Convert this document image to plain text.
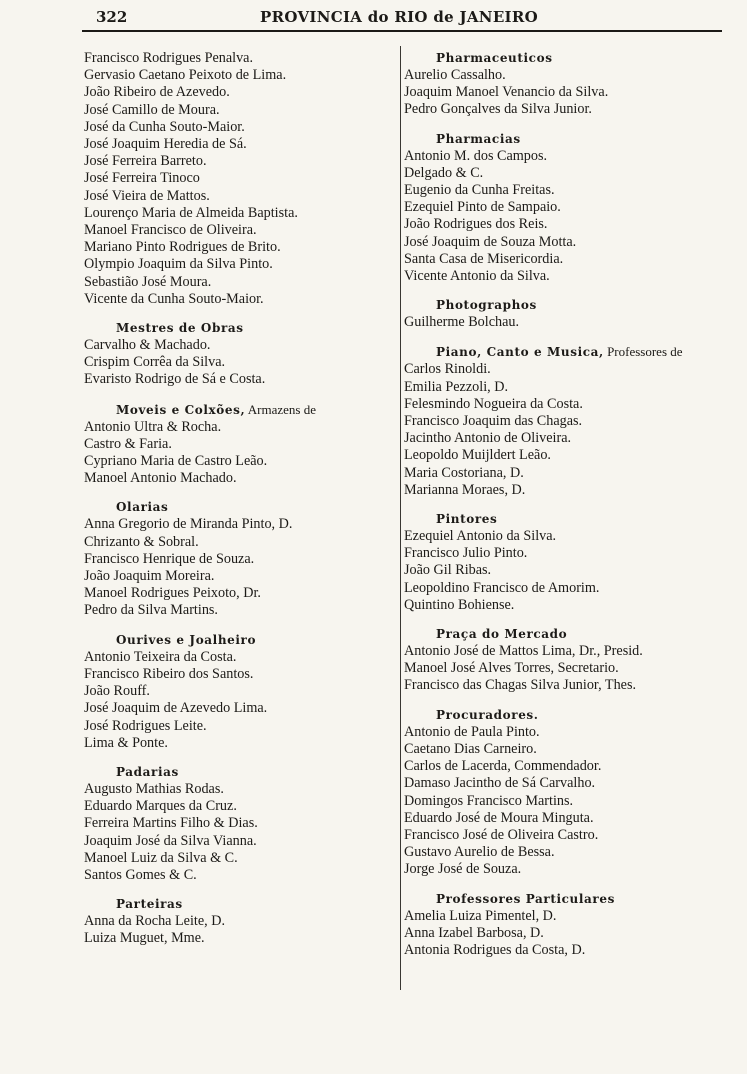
322	PROVINCIA do RIO de JANEIRO
Francisco Rodrigues Penalva.
Gervasio Caetano Peixoto de Lima.
João Ribeiro de Azevedo.
José Camillo de Moura.
José da Cunha Souto-Maior.
José Joaquim Heredia de Sá.
José Ferreira Barreto.
José Ferreira Tinoco
José Vieira de Mattos.
Lourenço Maria de Almeida Baptista.
Manoel Francisco de Oliveira.
Mariano Pinto Rodrigues de Brito.
Olympio Joaquim da Silva Pinto.
Sebastião José Moura.
Vicente da Cunha Souto-Maior.
Mestres de Obras
Carvalho & Machado.
Crispim Corrêa da Silva.
Evaristo Rodrigo de Sá e Costa.
Moveis e Colxões, Armazens de
Antonio Ultra & Rocha.
Castro & Faria.
Cypriano Maria de Castro Leão.
Manoel Antonio Machado.
Olarias
Anna Gregorio de Miranda Pinto, D.
Chrizanto & Sobral.
Francisco Henrique de Souza.
João Joaquim Moreira.
Manoel Rodrigues Peixoto, Dr.
Pedro da Silva Martins.
Ourives e Joalheiro
Antonio Teixeira da Costa.
Francisco Ribeiro dos Santos.
João Rouff.
José Joaquim de Azevedo Lima.
José Rodrigues Leite.
Lima & Ponte.
Padarias
Augusto Mathias Rodas.
Eduardo Marques da Cruz.
Ferreira Martins Filho & Dias.
Joaquim José da Silva Vianna.
Manoel Luiz da Silva & C.
Santos Gomes & C.
Parteiras
Anna da Rocha Leite, D.
Luiza Muguet, Mme.
Pharmaceuticos
Aurelio Cassalho.
Joaquim Manoel Venancio da Silva.
Pedro Gonçalves da Silva Junior.
Pharmacias
Antonio M. dos Campos.
Delgado & C.
Eugenio da Cunha Freitas.
Ezequiel Pinto de Sampaio.
João Rodrigues dos Reis.
José Joaquim de Souza Motta.
Santa Casa de Misericordia.
Vicente Antonio da Silva.
Photographos
Guilherme Bolchau.
Piano, Canto e Musica, Professores de
Carlos Rinoldi.
Emilia Pezzoli, D.
Felesmindo Nogueira da Costa.
Francisco Joaquim das Chagas.
Jacintho Antonio de Oliveira.
Leopoldo Muijldert Leão.
Maria Costoriana, D.
Marianna Moraes, D.
Pintores
Ezequiel Antonio da Silva.
Francisco Julio Pinto.
João Gil Ribas.
Leopoldino Francisco de Amorim.
Quintino Bohiense.
Praça do Mercado
Antonio José de Mattos Lima, Dr., Presid.
Manoel José Alves Torres, Secretario.
Francisco das Chagas Silva Junior, Thes.
Procuradores.
Antonio de Paula Pinto.
Caetano Dias Carneiro.
Carlos de Lacerda, Commendador.
Damaso Jacintho de Sá Carvalho.
Domingos Francisco Martins.
Eduardo José de Moura Minguta.
Francisco José de Oliveira Castro.
Gustavo Aurelio de Bessa.
Jorge José de Souza.
Professores Particulares
Amelia Luiza Pimentel, D.
Anna Izabel Barbosa, D.
Antonia Rodrigues da Costa, D.
